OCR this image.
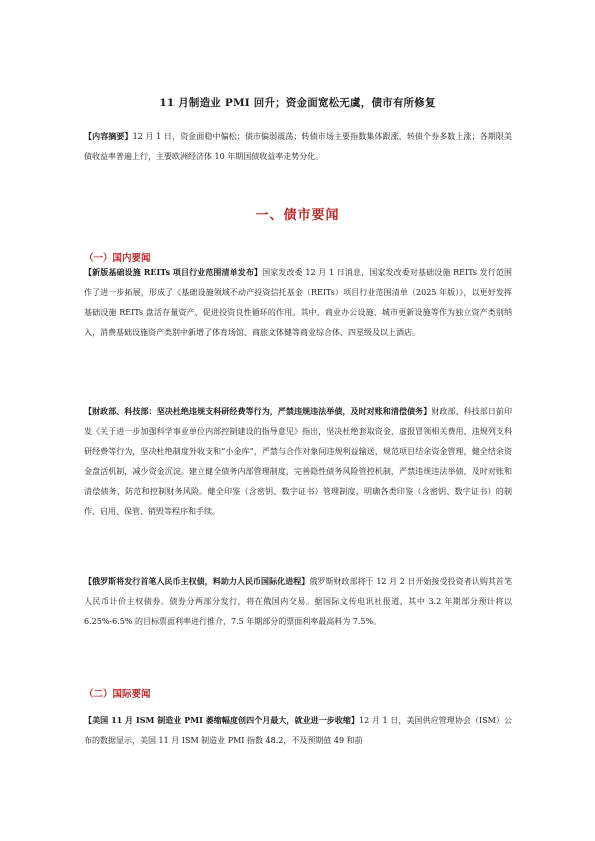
11 月制造业 PMI 回升；资金面宽松无虞，债市有所修复
【内容摘要】12 月 1 日，资金面稳中偏松；债市偏弱震荡；转债市场主要指数集体跟涨，转债个券多数上涨；各期限美债收益率普遍上行，主要欧洲经济体 10 年期国债收益率走势分化。
一、债市要闻
（一）国内要闻
【新版基础设施 REITs 项目行业范围清单发布】国家发改委 12 月 1 日消息，国家发改委对基础设施 REITs 发行范围作了进一步拓展，形成了《基础设施领域不动产投资信托基金（REITs）项目行业范围清单（2025 年版）》，以更好发挥基础设施 REITs 盘活存量资产、促进投资良性循环的作用。其中，商业办公设施、城市更新设施等作为独立资产类别纳入，消费基础设施资产类别中新增了体育场馆、商旅文体健等商业综合体、四星级及以上酒店。
【财政部、科技部：坚决杜绝违规支科研经费等行为，严禁违规违法举债，及时对账和清偿债务】财政部、科技部日前印发《关于进一步加强科学事业单位内部控制建设的指导意见》指出，坚决杜绝套取资金、虚报冒领相关费用、违规列支科研经费等行为，坚决杜绝制度外收支和“小金库”，严禁与合作对象间违规利益输送，规范项目结余资金管理，健全结余资金盘活机制，减少资金沉淀。建立健全债务内部管理制度，完善隐性债务风险管控机制，严禁违规违法举债，及时对账和清偿债务，防范和控制财务风险。健全印鉴（含密钥、数字证书）管理制度，明确各类印鉴（含密钥、数字证书）的制作、启用、保管、销毁等程序和手续。
【俄罗斯将发行首笔人民币主权债，料助力人民币国际化进程】俄罗斯财政部将于 12 月 2 日开始接受投资者认购其首笔人民币计价主权债券。债券分两部分发行，将在俄国内交易。据国际文传电讯社报道，其中 3.2 年期部分预计将以 6.25%-6.5% 的目标票面利率进行推介，7.5 年期部分的票面利率最高料为 7.5%。
（二）国际要闻
【美国 11 月 ISM 制造业 PMI 萎缩幅度创四个月最大，就业进一步收缩】12 月 1 日，美国供应管理协会（ISM）公布的数据显示，美国 11 月 ISM 制造业 PMI 指数 48.2，不及预期值 49 和前
